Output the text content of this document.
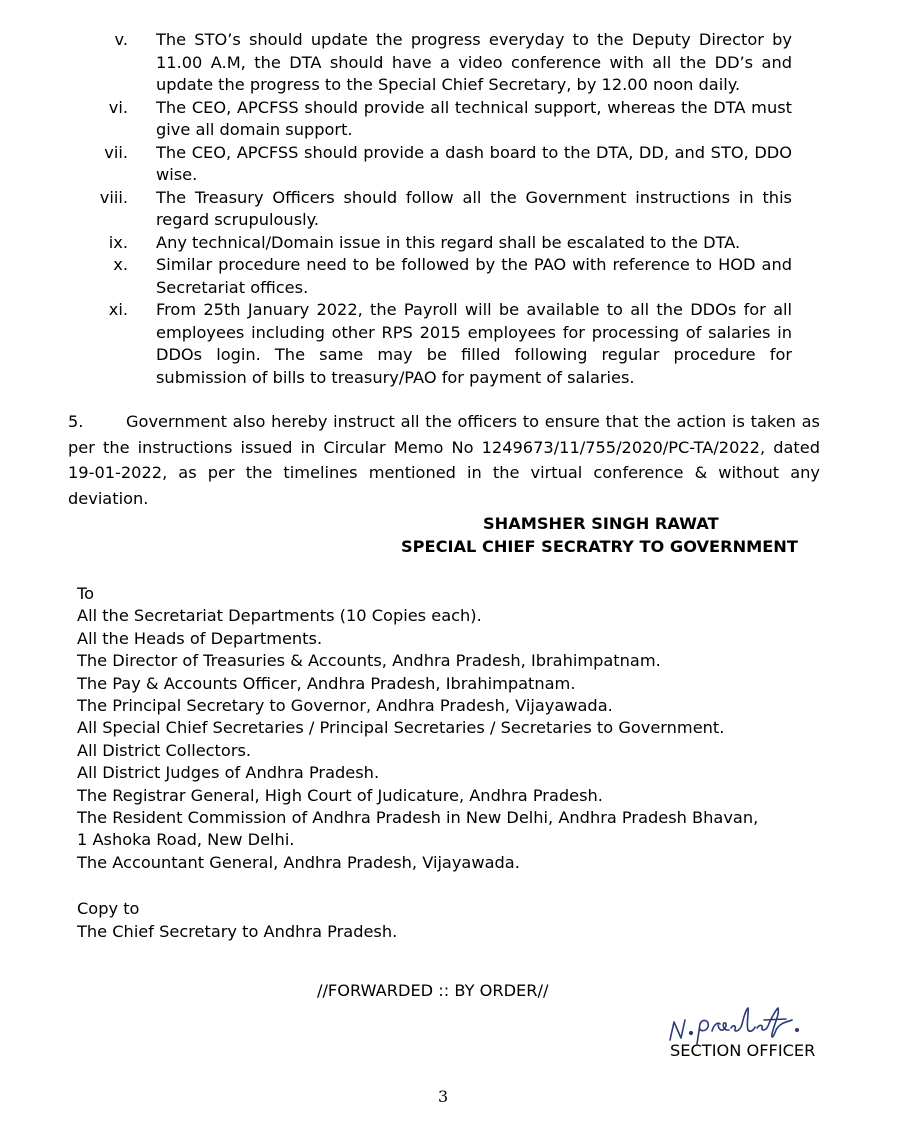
v.	The STO’s should update the progress everyday to the Deputy Director by 11.00 A.M, the DTA should have a video conference with all the DD’s and update the progress to the Special Chief Secretary, by 12.00 noon daily.
vi.	The CEO, APCFSS should provide all technical support, whereas the DTA must give all domain support.
vii.	The CEO, APCFSS should provide a dash board to the DTA, DD, and STO, DDO wise.
viii.	The Treasury Officers should follow all the Government instructions in this regard scrupulously.
ix.	Any technical/Domain issue in this regard shall be escalated to the DTA.
x.	Similar procedure need to be followed by the PAO with reference to HOD and Secretariat offices.
xi.	From 25th January 2022, the Payroll will be available to all the DDOs for all employees including other RPS 2015 employees for processing of salaries in DDOs login. The same may be filled following regular procedure for submission of bills to treasury/PAO for payment of salaries.
5.	Government also hereby instruct all the officers to ensure that the action is taken as per the instructions issued in Circular Memo No 1249673/11/755/2020/PC-TA/2022, dated 19-01-2022, as per the timelines mentioned in the virtual conference & without any deviation.
SHAMSHER SINGH RAWAT
SPECIAL CHIEF SECRATRY TO GOVERNMENT
To
All the Secretariat Departments (10 Copies each).
All the Heads of Departments.
The Director of Treasuries & Accounts, Andhra Pradesh, Ibrahimpatnam.
The Pay & Accounts Officer, Andhra Pradesh, Ibrahimpatnam.
The Principal Secretary to Governor, Andhra Pradesh, Vijayawada.
All Special Chief Secretaries / Principal Secretaries / Secretaries to Government.
All District Collectors.
All District Judges of Andhra Pradesh.
The Registrar General, High Court of Judicature, Andhra Pradesh.
The Resident Commission of Andhra Pradesh in New Delhi, Andhra Pradesh Bhavan,
1 Ashoka Road, New Delhi.
The Accountant General, Andhra Pradesh, Vijayawada.
Copy to
The Chief Secretary to Andhra Pradesh.
//FORWARDED :: BY ORDER//
SECTION OFFICER
3
